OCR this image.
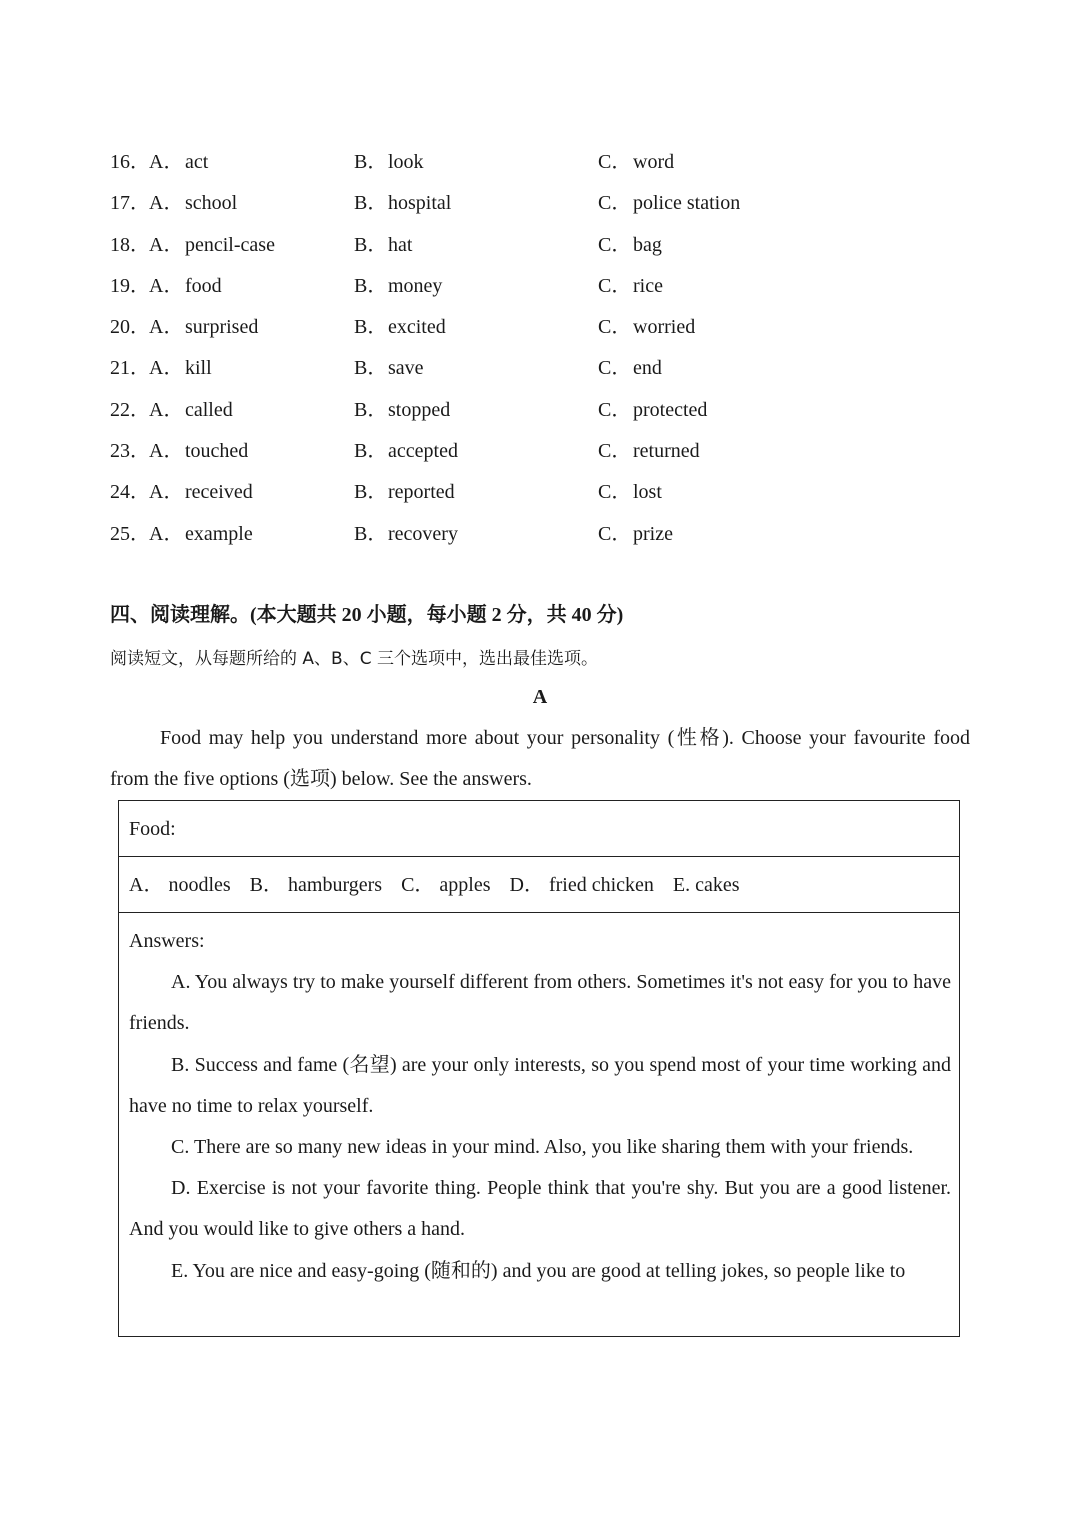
16． A．act	B．look	C．word
17． A．school	B．hospital	C．police station
18． A．pencil-case	B．hat	C．bag
19． A．food	B．money	C．rice
20． A．surprised	B．excited	C．worried
21． A．kill	B．save	C．end
22． A．called	B．stopped	C．protected
23． A．touched	B．accepted	C．returned
24． A．received	B．reported	C．lost
25． A．example	B．recovery	C．prize
四、阅读理解。(本大题共 20 小题，每小题 2 分，共 40 分)
阅读短文，从每题所给的 A、B、C 三个选项中，选出最佳选项。
A
Food may help you understand more about your personality (性格). Choose your favourite food from the five options (选项) below. See the answers.
Food:
A． noodles B． hamburgers C． apples D． fried chicken E. cakes

Answers:

A. You always try to make yourself different from others. Sometimes it's not easy for you to have friends.

B. Success and fame (名望) are your only interests, so you spend most of your time working and have no time to relax yourself.

C. There are so many new ideas in your mind. Also, you like sharing them with your friends.

D. Exercise is not your favorite thing. People think that you're shy. But you are a good listener. And you would like to give others a hand.

E. You are nice and easy-going (随和的) and you are good at telling jokes, so people like to
